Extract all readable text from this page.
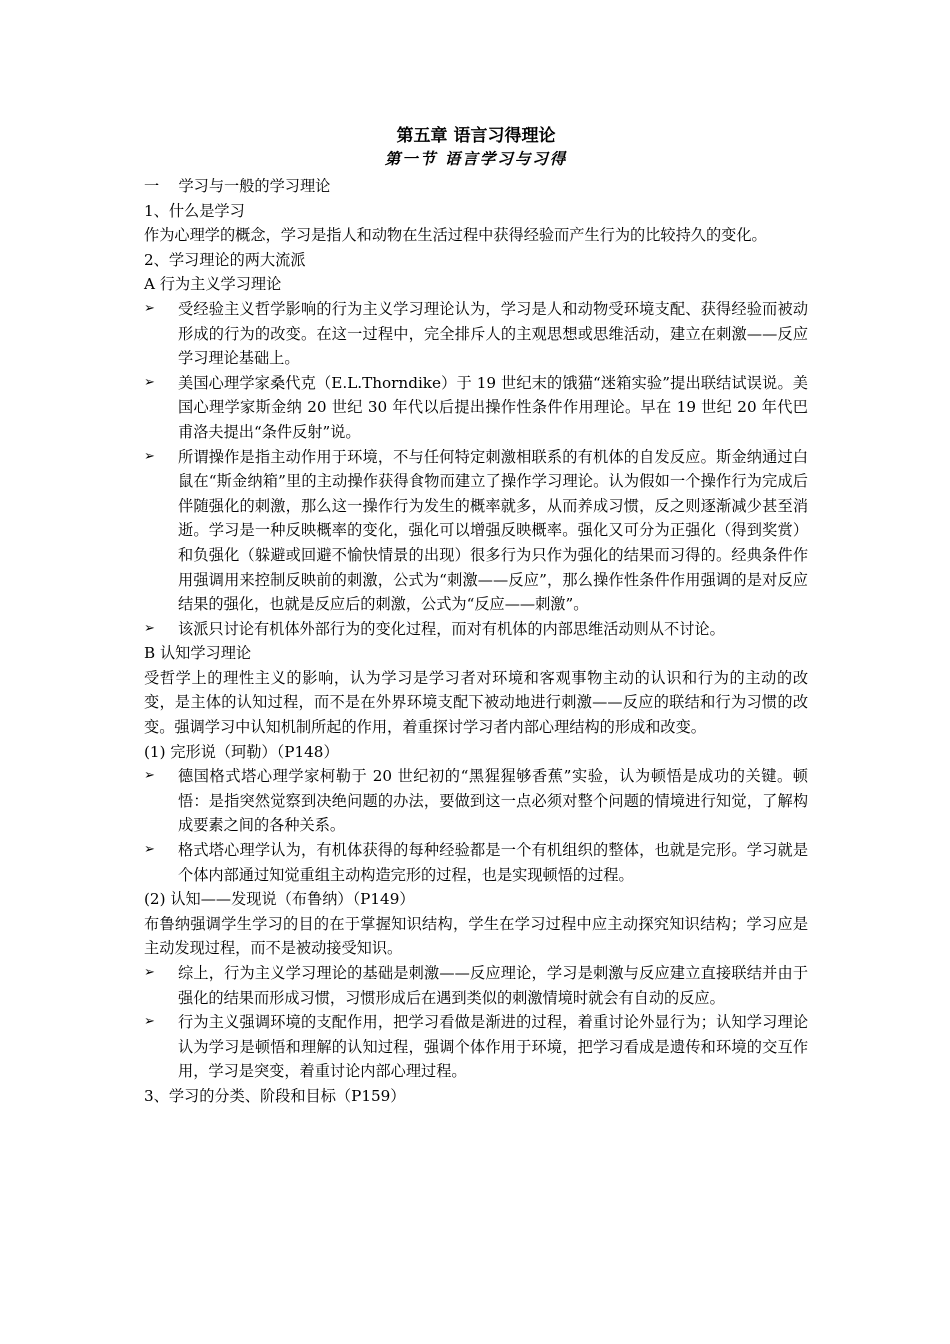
第五章 语言习得理论

第一节 语言学习与习得

一    学习与一般的学习理论

1、什么是学习

作为心理学的概念，学习是指人和动物在生活过程中获得经验而产生行为的比较持久的变化。

2、学习理论的两大流派

A 行为主义学习理论

➢	受经验主义哲学影响的行为主义学习理论认为，学习是人和动物受环境支配、获得经验而被动形成的行为的改变。在这一过程中，完全排斥人的主观思想或思维活动，建立在刺激——反应学习理论基础上。
➢	美国心理学家桑代克（E.L.Thorndike）于 19 世纪末的饿猫“迷箱实验”提出联结试误说。美国心理学家斯金纳 20 世纪 30 年代以后提出操作性条件作用理论。早在 19 世纪 20 年代巴甫洛夫提出“条件反射”说。
➢	所谓操作是指主动作用于环境，不与任何特定刺激相联系的有机体的自发反应。斯金纳通过白鼠在“斯金纳箱”里的主动操作获得食物而建立了操作学习理论。认为假如一个操作行为完成后伴随强化的刺激，那么这一操作行为发生的概率就多，从而养成习惯，反之则逐渐减少甚至消逝。学习是一种反映概率的变化，强化可以增强反映概率。强化又可分为正强化（得到奖赏）和负强化（躲避或回避不愉快情景的出现）很多行为只作为强化的结果而习得的。经典条件作用强调用来控制反映前的刺激，公式为“刺激——反应”，那么操作性条件作用强调的是对反应结果的强化，也就是反应后的刺激，公式为“反应——刺激”。
➢	该派只讨论有机体外部行为的变化过程，而对有机体的内部思维活动则从不讨论。

B 认知学习理论

受哲学上的理性主义的影响，认为学习是学习者对环境和客观事物主动的认识和行为的主动的改变，是主体的认知过程，而不是在外界环境支配下被动地进行刺激——反应的联结和行为习惯的改变。强调学习中认知机制所起的作用，着重探讨学习者内部心理结构的形成和改变。

(1) 完形说（珂勒）（P148）

➢	德国格式塔心理学家柯勒于 20 世纪初的“黑猩猩够香蕉”实验，认为顿悟是成功的关键。顿悟：是指突然觉察到决绝问题的办法，要做到这一点必须对整个问题的情境进行知觉，了解构成要素之间的各种关系。
➢	格式塔心理学认为，有机体获得的每种经验都是一个有机组织的整体，也就是完形。学习就是个体内部通过知觉重组主动构造完形的过程，也是实现顿悟的过程。

(2) 认知——发现说（布鲁纳）（P149）

布鲁纳强调学生学习的目的在于掌握知识结构，学生在学习过程中应主动探究知识结构；学习应是主动发现过程，而不是被动接受知识。

➢	综上，行为主义学习理论的基础是刺激——反应理论，学习是刺激与反应建立直接联结并由于强化的结果而形成习惯，习惯形成后在遇到类似的刺激情境时就会有自动的反应。
➢	行为主义强调环境的支配作用，把学习看做是渐进的过程，着重讨论外显行为；认知学习理论认为学习是顿悟和理解的认知过程，强调个体作用于环境，把学习看成是遗传和环境的交互作用，学习是突变，着重讨论内部心理过程。

3、学习的分类、阶段和目标（P159）
